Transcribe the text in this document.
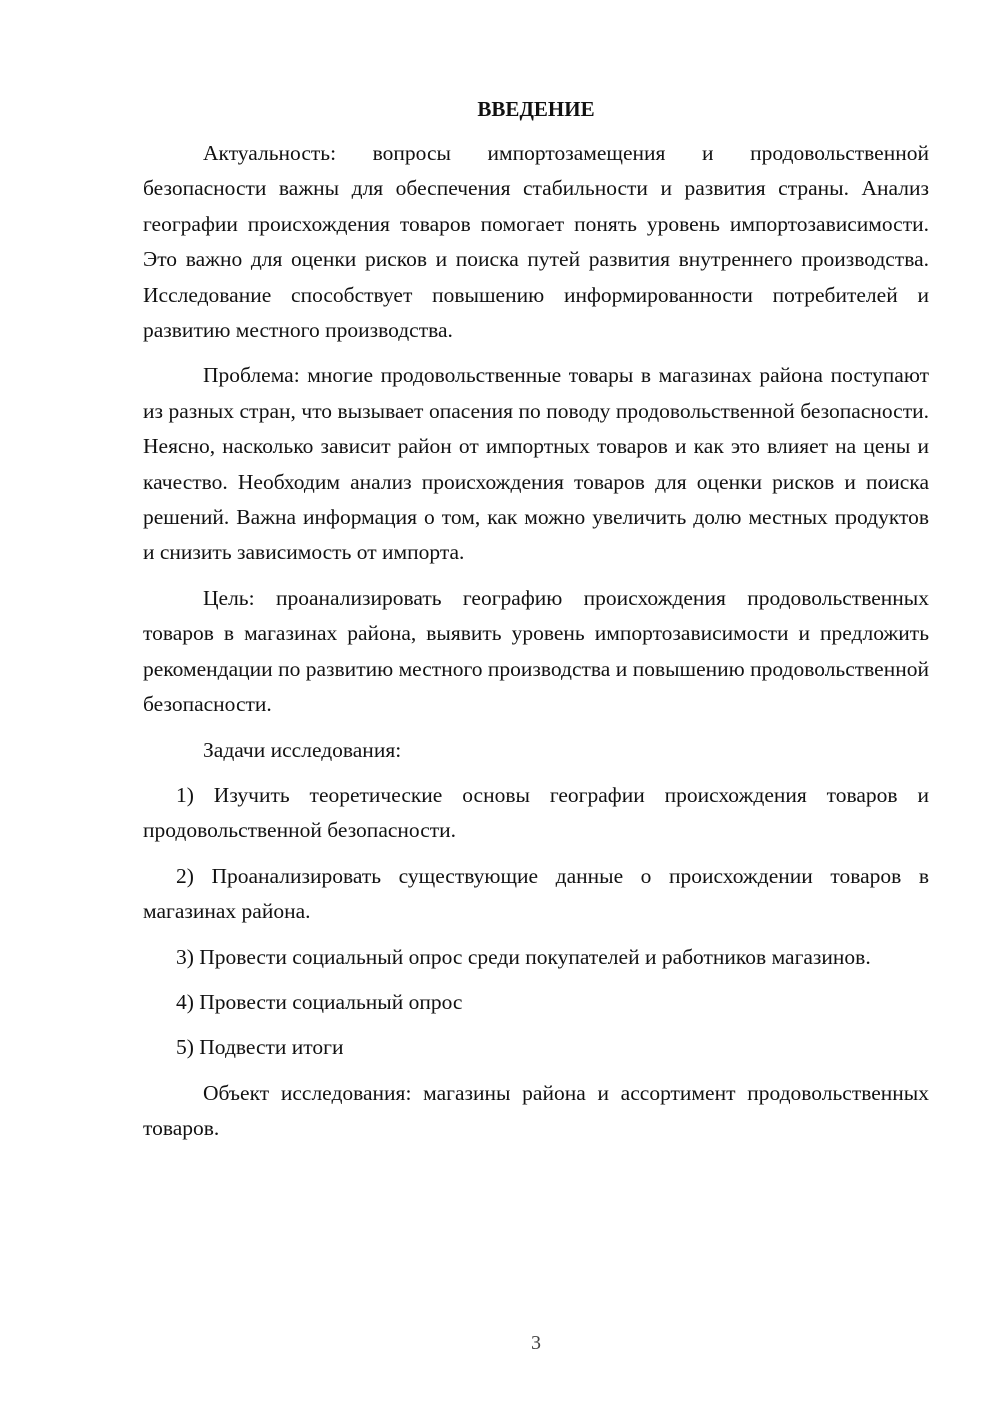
ВВЕДЕНИЕ

Актуальность: вопросы импортозамещения и продовольственной безопасности важны для обеспечения стабильности и развития страны. Анализ географии происхождения товаров помогает понять уровень импортозависимости. Это важно для оценки рисков и поиска путей развития внутреннего производства. Исследование способствует повышению информированности потребителей и развитию местного производства.

Проблема: многие продовольственные товары в магазинах района поступают из разных стран, что вызывает опасения по поводу продовольственной безопасности. Неясно, насколько зависит район от импортных товаров и как это влияет на цены и качество. Необходим анализ происхождения товаров для оценки рисков и поиска решений. Важна информация о том, как можно увеличить долю местных продуктов и снизить зависимость от импорта.

Цель: проанализировать географию происхождения продовольственных товаров в магазинах района, выявить уровень импортозависимости и предложить рекомендации по развитию местного производства и повышению продовольственной безопасности.

Задачи исследования:

1) Изучить теоретические основы географии происхождения товаров и продовольственной безопасности.

2) Проанализировать существующие данные о происхождении товаров в магазинах района.

3) Провести социальный опрос среди покупателей и работников магазинов.

4) Провести социальный опрос

5) Подвести итоги

Объект исследования: магазины района и ассортимент продовольственных товаров.

3
